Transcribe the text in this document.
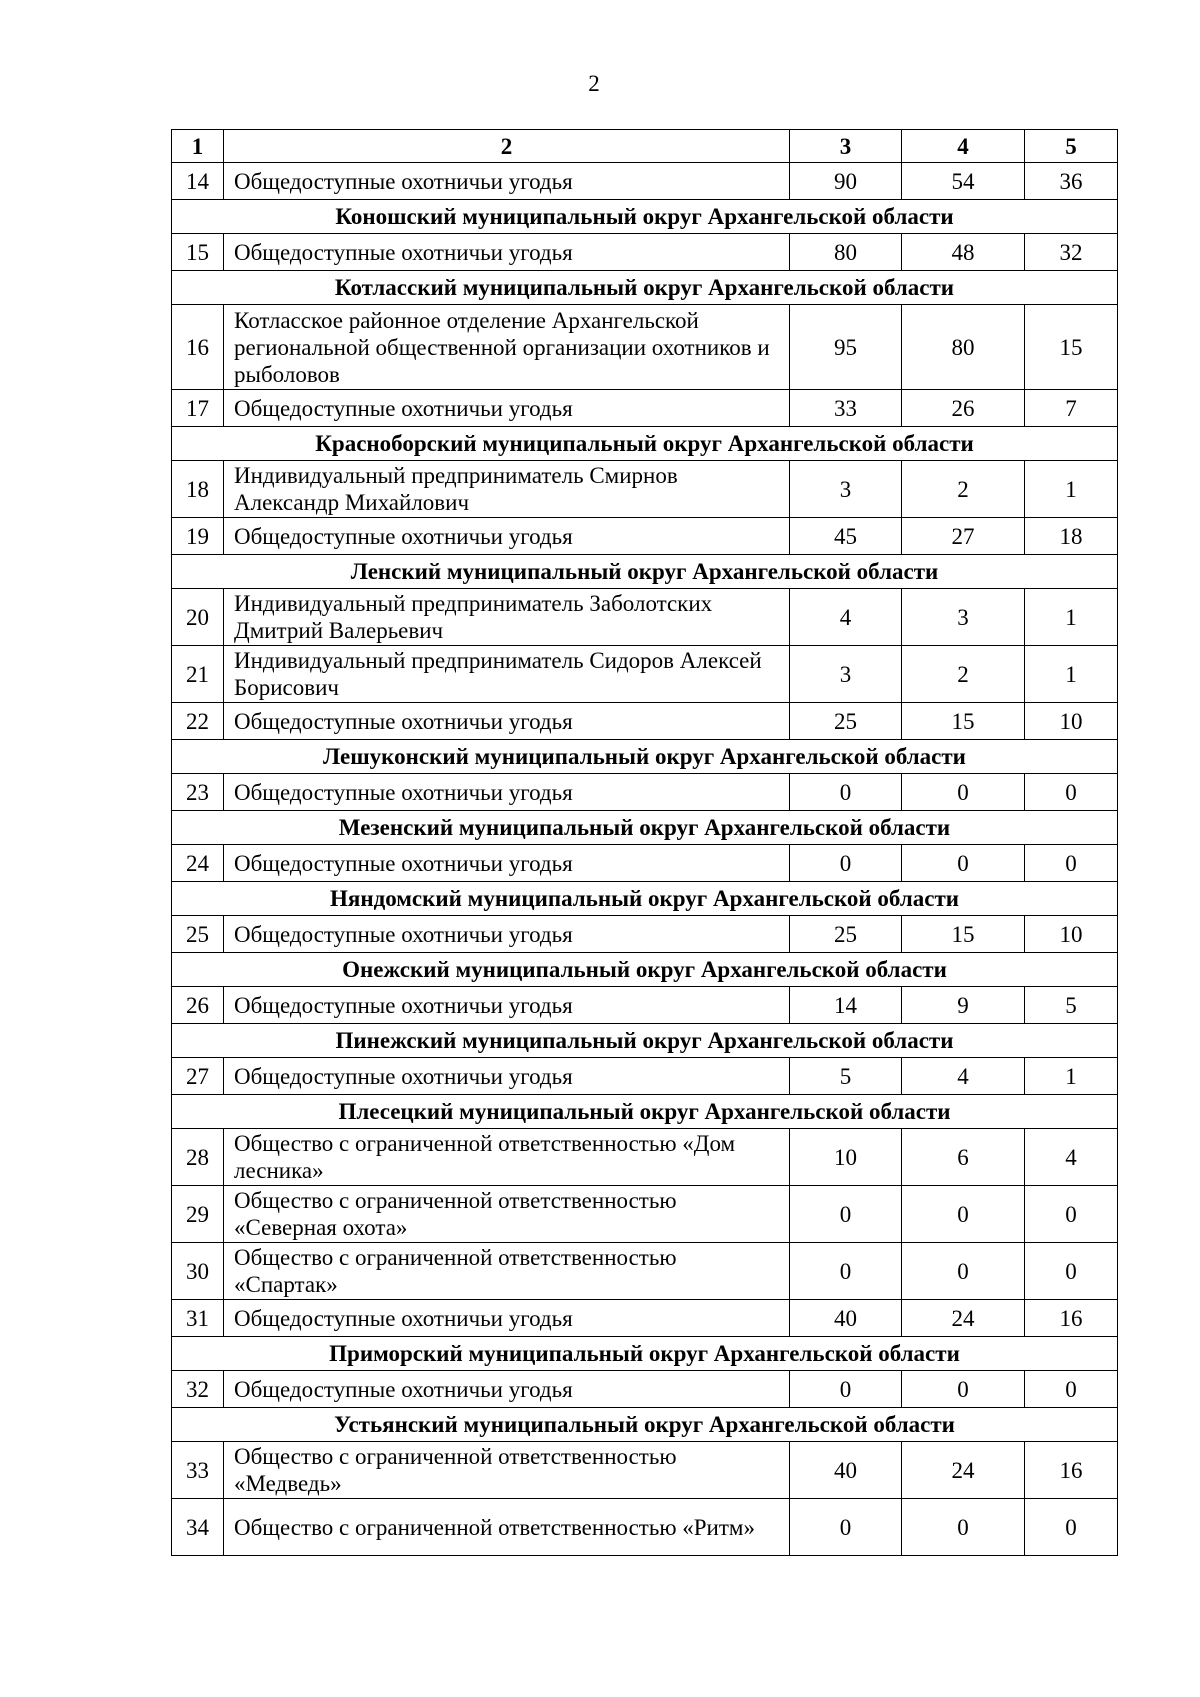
2
1	2	3	4	5
14	Общедоступные охотничьи угодья	90	54	36
Коношский муниципальный округ Архангельской области				
15	Общедоступные охотничьи угодья	80	48	32
Котласский муниципальный округ Архангельской области				
16	Котласское районное отделение Архангельской региональной общественной организации охотников и рыболовов	95	80	15
17	Общедоступные охотничьи угодья	33	26	7
Красноборский муниципальный округ Архангельской области				
18	Индивидуальный предприниматель Смирнов Александр Михайлович	3	2	1
19	Общедоступные охотничьи угодья	45	27	18
Ленский муниципальный округ Архангельской области				
20	Индивидуальный предприниматель Заболотских Дмитрий Валерьевич	4	3	1
21	Индивидуальный предприниматель Сидоров Алексей Борисович	3	2	1
22	Общедоступные охотничьи угодья	25	15	10
Лешуконский муниципальный округ Архангельской области				
23	Общедоступные охотничьи угодья	0	0	0
Мезенский муниципальный округ Архангельской области				
24	Общедоступные охотничьи угодья	0	0	0
Няндомский муниципальный округ Архангельской области				
25	Общедоступные охотничьи угодья	25	15	10
Онежский муниципальный округ Архангельской области				
26	Общедоступные охотничьи угодья	14	9	5
Пинежский муниципальный округ Архангельской области				
27	Общедоступные охотничьи угодья	5	4	1
Плесецкий муниципальный округ Архангельской области				
28	Общество с ограниченной ответственностью «Дом лесника»	10	6	4
29	Общество с ограниченной ответственностью «Северная охота»	0	0	0
30	Общество с ограниченной ответственностью «Спартак»	0	0	0
31	Общедоступные охотничьи угодья	40	24	16
Приморский муниципальный округ Архангельской области				
32	Общедоступные охотничьи угодья	0	0	0
Устьянский муниципальный округ Архангельской области				
33	Общество с ограниченной ответственностью «Медведь»	40	24	16
34	Общество с ограниченной ответственностью «Ритм»	0	0	0
